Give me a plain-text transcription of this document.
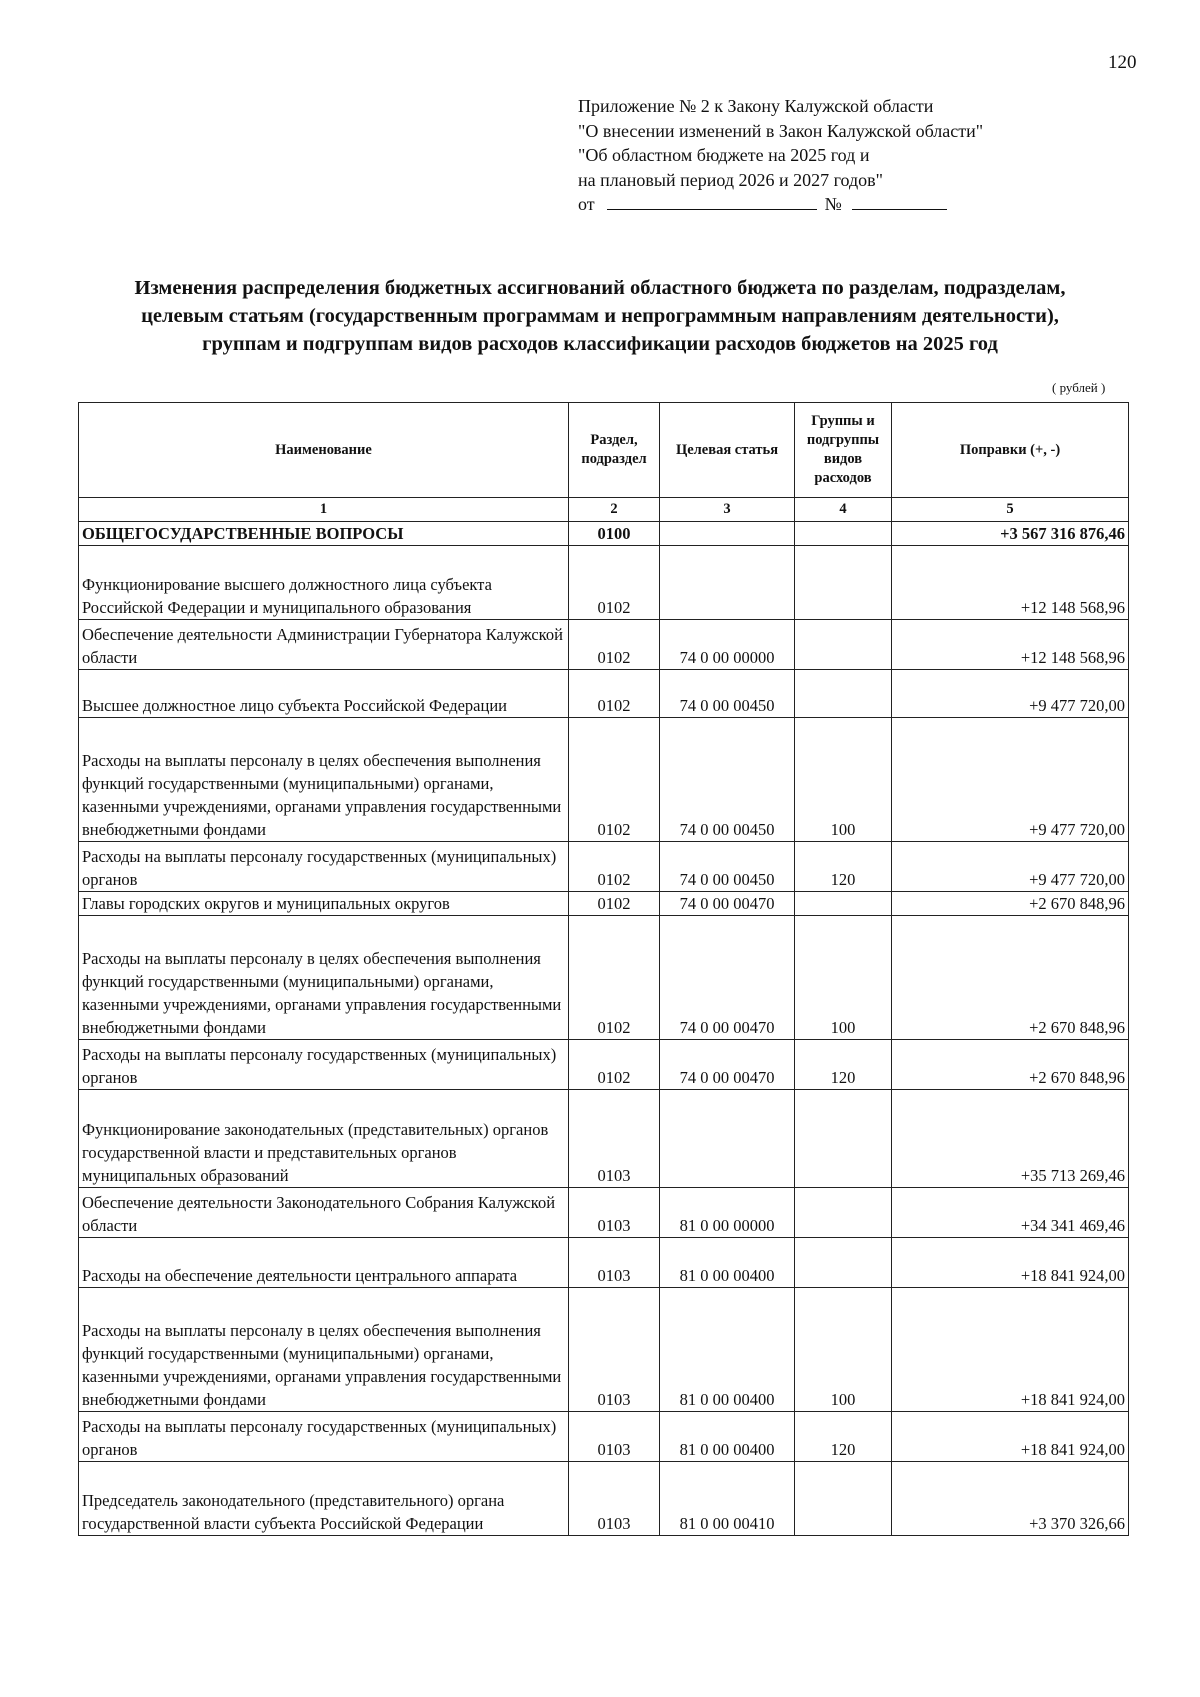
120
Приложение № 2 к Закону Калужской области
"О внесении изменений в Закон Калужской области"
"Об областном бюджете на 2025 год и
на плановый период 2026 и 2027 годов"
от	№
Изменения распределения бюджетных ассигнований областного бюджета по разделам, подразделам,
целевым статьям (государственным программам и непрограммным направлениям деятельности),
группам и подгруппам видов расходов классификации расходов бюджетов на 2025 год
( рублей )
Наименование	Раздел, подраздел	Целевая статья	Группы и подгруппы видов расходов	Поправки (+, -)
1	2	3	4	5
ОБЩЕГОСУДАРСТВЕННЫЕ ВОПРОСЫ	0100			+3 567 316 876,46
Функционирование высшего должностного лица субъекта Российской Федерации и муниципального образования	0102			+12 148 568,96
Обеспечение деятельности Администрации Губернатора Калужской области	0102	74 0 00 00000		+12 148 568,96
Высшее должностное лицо субъекта Российской Федерации	0102	74 0 00 00450		+9 477 720,00
Расходы на выплаты персоналу в целях обеспечения выполнения функций государственными (муниципальными) органами, казенными учреждениями, органами управления государственными внебюджетными фондами	0102	74 0 00 00450	100	+9 477 720,00
Расходы на выплаты персоналу государственных (муниципальных) органов	0102	74 0 00 00450	120	+9 477 720,00
Главы городских округов и муниципальных округов	0102	74 0 00 00470		+2 670 848,96
Расходы на выплаты персоналу в целях обеспечения выполнения функций государственными (муниципальными) органами, казенными учреждениями, органами управления государственными внебюджетными фондами	0102	74 0 00 00470	100	+2 670 848,96
Расходы на выплаты персоналу государственных (муниципальных) органов	0102	74 0 00 00470	120	+2 670 848,96
Функционирование законодательных (представительных) органов государственной власти и представительных органов муниципальных образований	0103			+35 713 269,46
Обеспечение деятельности Законодательного Собрания Калужской области	0103	81 0 00 00000		+34 341 469,46
Расходы на обеспечение деятельности центрального аппарата	0103	81 0 00 00400		+18 841 924,00
Расходы на выплаты персоналу в целях обеспечения выполнения функций государственными (муниципальными) органами, казенными учреждениями, органами управления государственными внебюджетными фондами	0103	81 0 00 00400	100	+18 841 924,00
Расходы на выплаты персоналу государственных (муниципальных) органов	0103	81 0 00 00400	120	+18 841 924,00
Председатель законодательного (представительного) органа государственной власти субъекта Российской Федерации	0103	81 0 00 00410		+3 370 326,66
